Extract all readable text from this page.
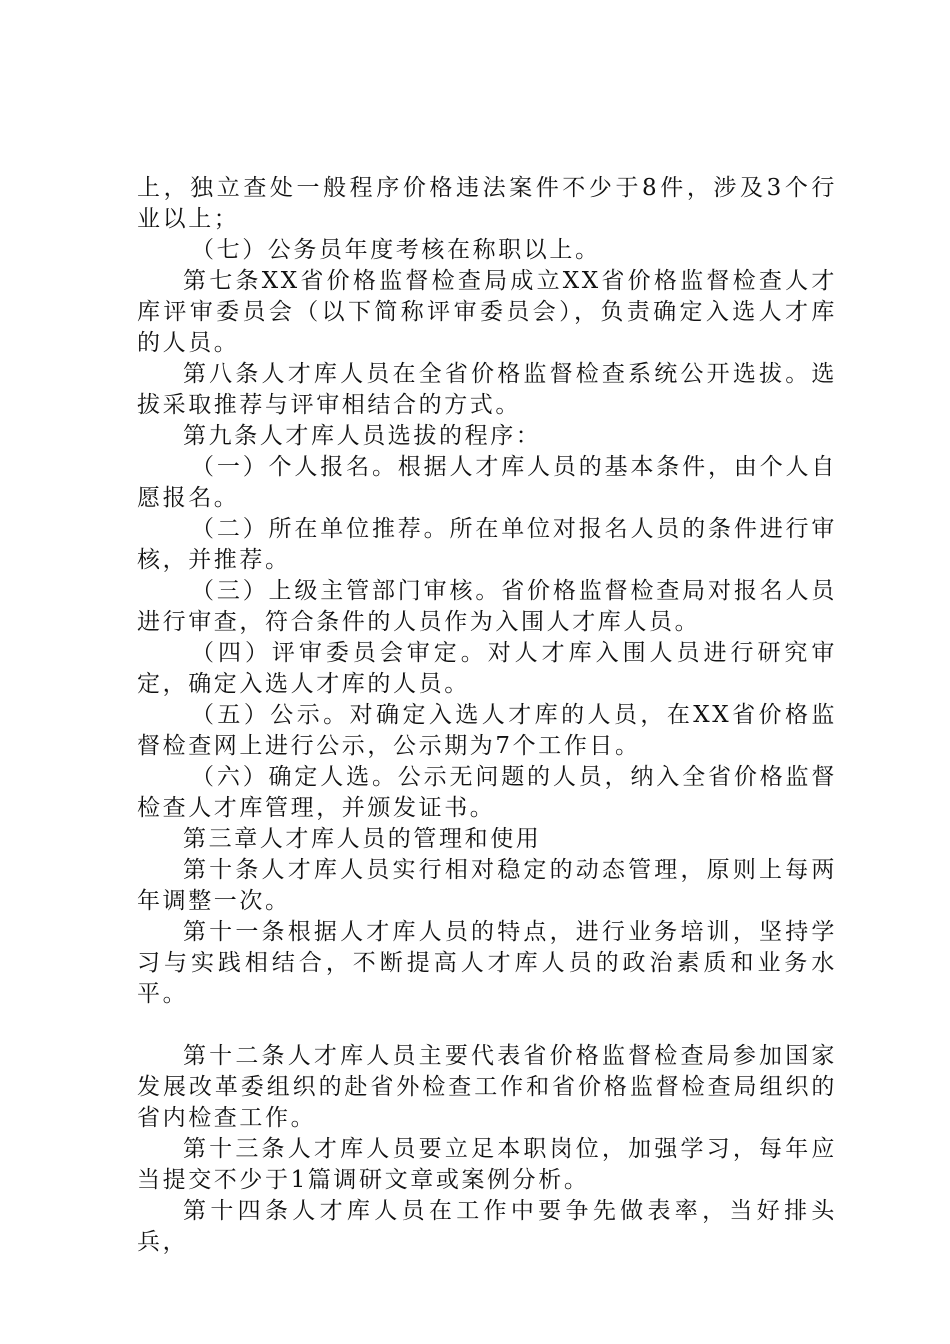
上，独立查处一般程序价格违法案件不少于8件，涉及3个行业以上；

（七）公务员年度考核在称职以上。

第七条XX省价格监督检查局成立XX省价格监督检查人才库评审委员会（以下简称评审委员会），负责确定入选人才库的人员。

第八条人才库人员在全省价格监督检查系统公开选拔。选拔采取推荐与评审相结合的方式。

第九条人才库人员选拔的程序：

（一）个人报名。根据人才库人员的基本条件，由个人自愿报名。

（二）所在单位推荐。所在单位对报名人员的条件进行审核，并推荐。

（三）上级主管部门审核。省价格监督检查局对报名人员进行审查，符合条件的人员作为入围人才库人员。

（四）评审委员会审定。对人才库入围人员进行研究审定，确定入选人才库的人员。

（五）公示。对确定入选人才库的人员，在XX省价格监督检查网上进行公示，公示期为7个工作日。

（六）确定人选。公示无问题的人员，纳入全省价格监督检查人才库管理，并颁发证书。

第三章人才库人员的管理和使用

第十条人才库人员实行相对稳定的动态管理，原则上每两年调整一次。

第十一条根据人才库人员的特点，进行业务培训，坚持学习与实践相结合，不断提高人才库人员的政治素质和业务水平。

第十二条人才库人员主要代表省价格监督检查局参加国家发展改革委组织的赴省外检查工作和省价格监督检查局组织的省内检查工作。

第十三条人才库人员要立足本职岗位，加强学习，每年应当提交不少于1篇调研文章或案例分析。

第十四条人才库人员在工作中要争先做表率，当好排头兵，
